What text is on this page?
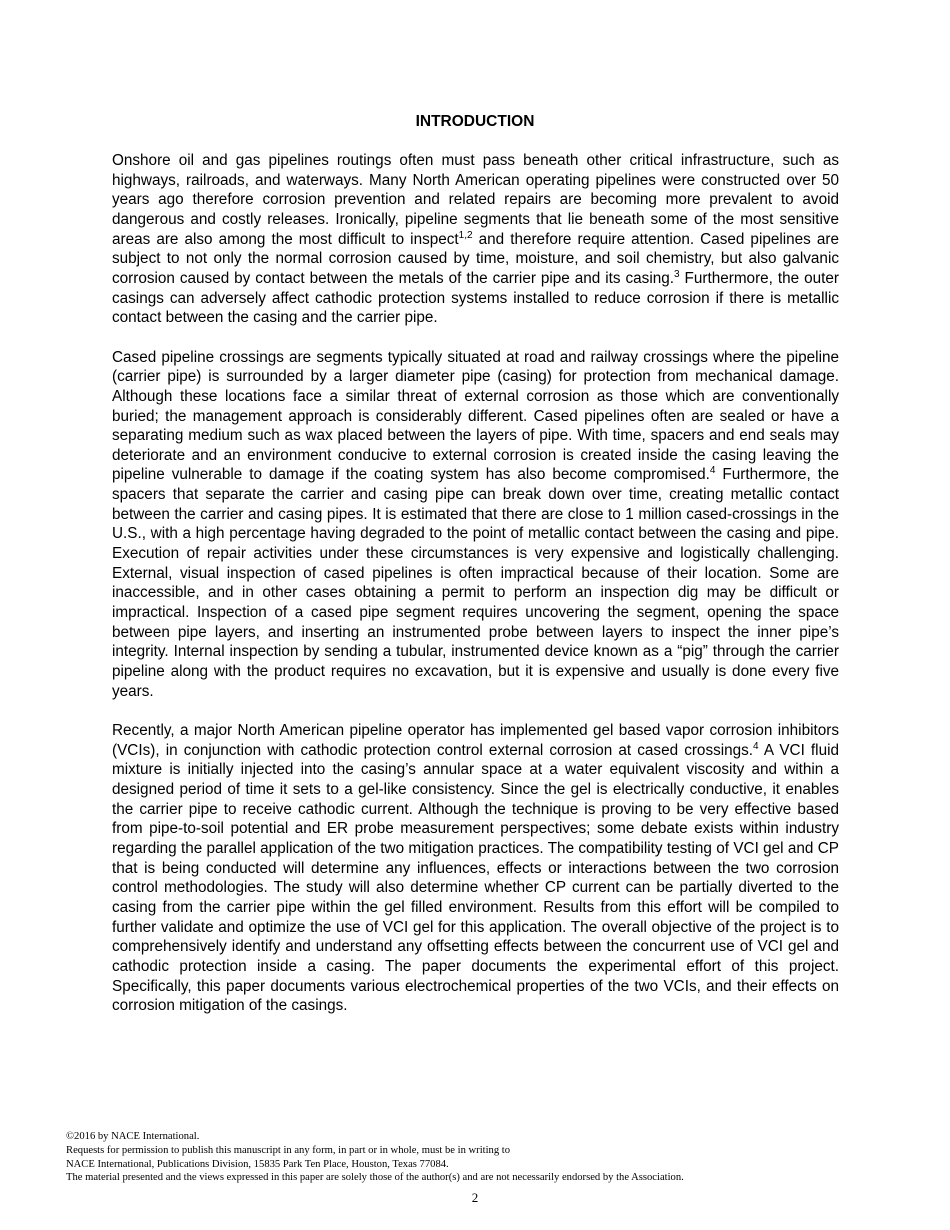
INTRODUCTION

Onshore oil and gas pipelines routings often must pass beneath other critical infrastructure, such as highways, railroads, and waterways. Many North American operating pipelines were constructed over 50 years ago therefore corrosion prevention and related repairs are becoming more prevalent to avoid dangerous and costly releases. Ironically, pipeline segments that lie beneath some of the most sensitive areas are also among the most difficult to inspect$^{1,2}$ and therefore require attention. Cased pipelines are subject to not only the normal corrosion caused by time, moisture, and soil chemistry, but also galvanic corrosion caused by contact between the metals of the carrier pipe and its casing.$^3$ Furthermore, the outer casings can adversely affect cathodic protection systems installed to reduce corrosion if there is metallic contact between the casing and the carrier pipe.

Cased pipeline crossings are segments typically situated at road and railway crossings where the pipeline (carrier pipe) is surrounded by a larger diameter pipe (casing) for protection from mechanical damage. Although these locations face a similar threat of external corrosion as those which are conventionally buried; the management approach is considerably different. Cased pipelines often are sealed or have a separating medium such as wax placed between the layers of pipe. With time, spacers and end seals may deteriorate and an environment conducive to external corrosion is created inside the casing leaving the pipeline vulnerable to damage if the coating system has also become compromised.$^4$ Furthermore, the spacers that separate the carrier and casing pipe can break down over time, creating metallic contact between the carrier and casing pipes. It is estimated that there are close to 1 million cased-crossings in the U.S., with a high percentage having degraded to the point of metallic contact between the casing and pipe. Execution of repair activities under these circumstances is very expensive and logistically challenging. External, visual inspection of cased pipelines is often impractical because of their location. Some are inaccessible, and in other cases obtaining a permit to perform an inspection dig may be difficult or impractical. Inspection of a cased pipe segment requires uncovering the segment, opening the space between pipe layers, and inserting an instrumented probe between layers to inspect the inner pipe’s integrity. Internal inspection by sending a tubular, instrumented device known as a “pig” through the carrier pipeline along with the product requires no excavation, but it is expensive and usually is done every five years.

Recently, a major North American pipeline operator has implemented gel based vapor corrosion inhibitors (VCIs), in conjunction with cathodic protection control external corrosion at cased crossings.$^4$ A VCI fluid mixture is initially injected into the casing’s annular space at a water equivalent viscosity and within a designed period of time it sets to a gel-like consistency. Since the gel is electrically conductive, it enables the carrier pipe to receive cathodic current. Although the technique is proving to be very effective based from pipe-to-soil potential and ER probe measurement perspectives; some debate exists within industry regarding the parallel application of the two mitigation practices. The compatibility testing of VCI gel and CP that is being conducted will determine any influences, effects or interactions between the two corrosion control methodologies. The study will also determine whether CP current can be partially diverted to the casing from the carrier pipe within the gel filled environment. Results from this effort will be compiled to further validate and optimize the use of VCI gel for this application. The overall objective of the project is to comprehensively identify and understand any offsetting effects between the concurrent use of VCI gel and cathodic protection inside a casing. The paper documents the experimental effort of this project. Specifically, this paper documents various electrochemical properties of the two VCIs, and their effects on corrosion mitigation of the casings.

©2016 by NACE International.
Requests for permission to publish this manuscript in any form, in part or in whole, must be in writing to
NACE International, Publications Division, 15835 Park Ten Place, Houston, Texas 77084.
The material presented and the views expressed in this paper are solely those of the author(s) and are not necessarily endorsed by the Association.
2
